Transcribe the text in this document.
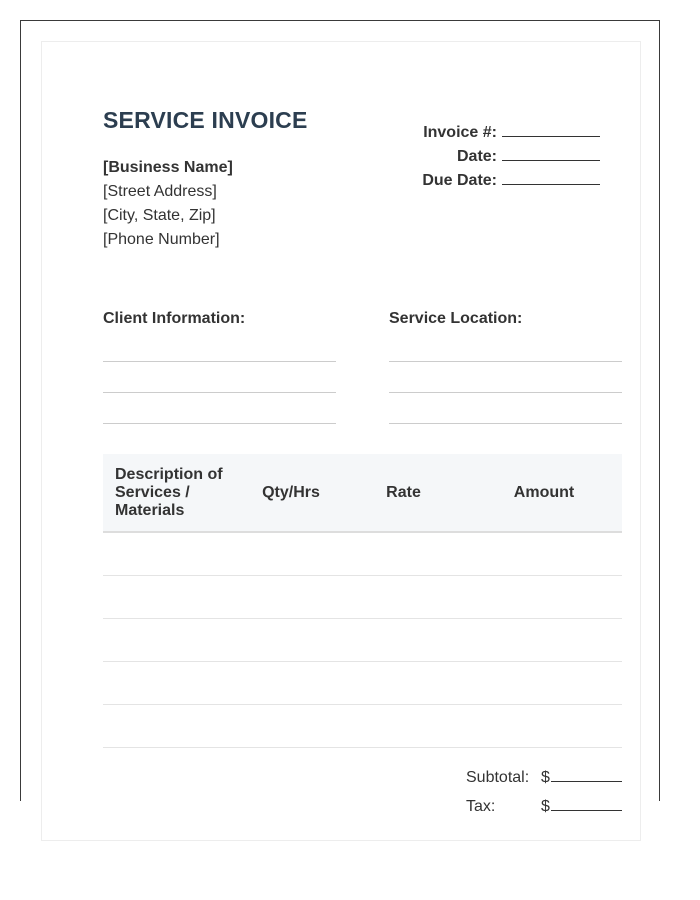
SERVICE INVOICE
[Business Name]
[Street Address]
[City, State, Zip]
[Phone Number]
Invoice #:
Date:
Due Date:
Client Information:	Service Location:
Description of Services / Materials	Qty/Hrs	Rate	Amount

Subtotal: $
Tax:	$
